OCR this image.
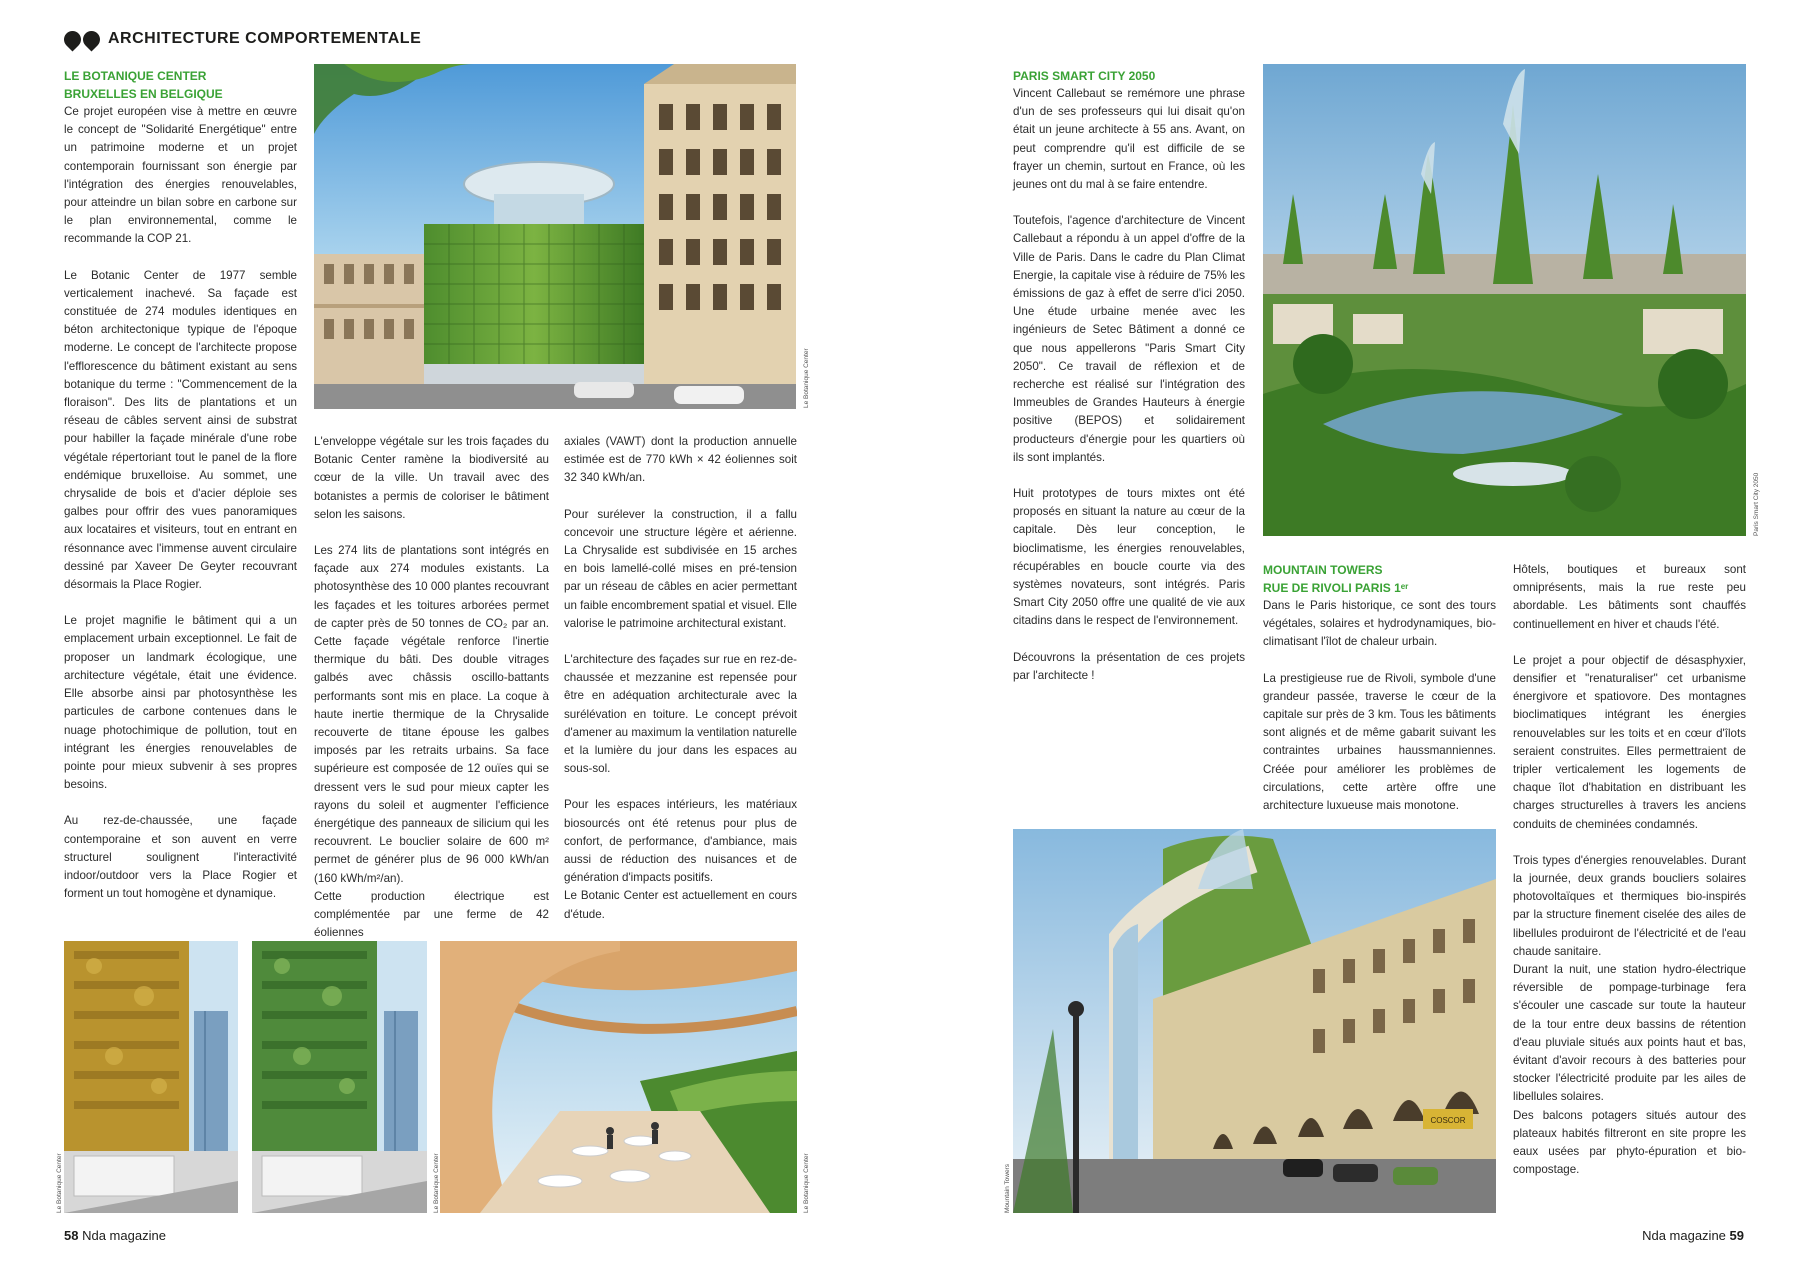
ARCHITECTURE COMPORTEMENTALE
LE BOTANIQUE CENTER
BRUXELLES EN BELGIQUE

Ce projet européen vise à mettre en œuvre le concept de "Solidarité Energétique" entre un patrimoine moderne et un projet contemporain fournissant son énergie par l'intégration des énergies renouvelables, pour atteindre un bilan sobre en carbone sur le plan environnemental, comme le recommande la COP 21.

Le Botanic Center de 1977 semble verticalement inachevé. Sa façade est constituée de 274 modules identiques en béton architectonique typique de l'époque moderne. Le concept de l'architecte propose l'efflorescence du bâtiment existant au sens botanique du terme : "Commencement de la floraison". Des lits de plantations et un réseau de câbles servent ainsi de substrat pour habiller la façade minérale d'une robe végétale répertoriant tout le panel de la flore endémique bruxelloise. Au sommet, une chrysalide de bois et d'acier déploie ses galbes pour offrir des vues panoramiques aux locataires et visiteurs, tout en entrant en résonnance avec l'immense auvent circulaire dessiné par Xaveer De Geyter recouvrant désormais la Place Rogier.

Le projet magnifie le bâtiment qui a un emplacement urbain exceptionnel. Le fait de proposer un landmark écologique, une architecture végétale, était une évidence. Elle absorbe ainsi par photosynthèse les particules de carbone contenues dans le nuage photochimique de pollution, tout en intégrant les énergies renouvelables de pointe pour mieux subvenir à ses propres besoins.

Au rez-de-chaussée, une façade contemporaine et son auvent en verre structurel soulignent l'interactivité indoor/outdoor vers la Place Rogier et forment un tout homogène et dynamique.

Le Botanique Center

L'enveloppe végétale sur les trois façades du Botanic Center ramène la biodiversité au cœur de la ville. Un travail avec des botanistes a permis de coloriser le bâtiment selon les saisons.

Les 274 lits de plantations sont intégrés en façade aux 274 modules existants. La photosynthèse des 10 000 plantes recouvrant les façades et les toitures arborées permet de capter près de 50 tonnes de CO₂ par an. Cette façade végétale renforce l'inertie thermique du bâti. Des double vitrages galbés avec châssis oscillo-battants performants sont mis en place. La coque à haute inertie thermique de la Chrysalide recouverte de titane épouse les galbes imposés par les retraits urbains. Sa face supérieure est composée de 12 ouïes qui se dressent vers le sud pour mieux capter les rayons du soleil et augmenter l'efficience énergétique des panneaux de silicium qui les recouvrent. Le bouclier solaire de 600 m² permet de générer plus de 96 000 kWh/an (160 kWh/m²/an).

Cette production électrique est complémentée par une ferme de 42 éoliennes

axiales (VAWT) dont la production annuelle estimée est de 770 kWh × 42 éoliennes soit 32 340 kWh/an.

Pour surélever la construction, il a fallu concevoir une structure légère et aérienne. La Chrysalide est subdivisée en 15 arches en bois lamellé-collé mises en pré-tension par un réseau de câbles en acier permettant un faible encombrement spatial et visuel. Elle valorise le patrimoine architectural existant.

L'architecture des façades sur rue en rez-de-chaussée et mezzanine est repensée pour être en adéquation architecturale avec la surélévation en toiture. Le concept prévoit d'amener au maximum la ventilation naturelle et la lumière du jour dans les espaces au sous-sol.

Pour les espaces intérieurs, les matériaux biosourcés ont été retenus pour plus de confort, de performance, d'ambiance, mais aussi de réduction des nuisances et de génération d'impacts positifs.

Le Botanic Center est actuellement en cours d'étude.

Le Botanique Center	Le Botanique Center	Le Botanique Center
58 Nda magazine
PARIS SMART CITY 2050

Vincent Callebaut se remémore une phrase d'un de ses professeurs qui lui disait qu'on était un jeune architecte à 55 ans. Avant, on peut comprendre qu'il est difficile de se frayer un chemin, surtout en France, où les jeunes ont du mal à se faire entendre.

Toutefois, l'agence d'architecture de Vincent Callebaut a répondu à un appel d'offre de la Ville de Paris. Dans le cadre du Plan Climat Energie, la capitale vise à réduire de 75% les émissions de gaz à effet de serre d'ici 2050. Une étude urbaine menée avec les ingénieurs de Setec Bâtiment a donné ce que nous appellerons "Paris Smart City 2050". Ce travail de réflexion et de recherche est réalisé sur l'intégration des Immeubles de Grandes Hauteurs à énergie positive (BEPOS) et solidairement producteurs d'énergie pour les quartiers où ils sont implantés.

Huit prototypes de tours mixtes ont été proposés en situant la nature au cœur de la capitale. Dès leur conception, le bioclimatisme, les énergies renouvelables, récupérables en boucle courte via des systèmes novateurs, sont intégrés. Paris Smart City 2050 offre une qualité de vie aux citadins dans le respect de l'environnement.

Découvrons la présentation de ces projets par l'architecte !

Paris Smart City 2050
MOUNTAIN TOWERS
RUE DE RIVOLI PARIS 1ᵉʳ

Dans le Paris historique, ce sont des tours végétales, solaires et hydrodynamiques, bio-climatisant l'îlot de chaleur urbain.

La prestigieuse rue de Rivoli, symbole d'une grandeur passée, traverse le cœur de la capitale sur près de 3 km. Tous les bâtiments sont alignés et de même gabarit suivant les contraintes urbaines haussmanniennes. Créée pour améliorer les problèmes de circulations, cette artère offre une architecture luxueuse mais monotone.

Hôtels, boutiques et bureaux sont omniprésents, mais la rue reste peu abordable. Les bâtiments sont chauffés continuellement en hiver et chauds l'été.

Le projet a pour objectif de désasphyxier, densifier et "renaturaliser" cet urbanisme énergivore et spatiovore. Des montagnes bioclimatiques intégrant les énergies renouvelables sur les toits et en cœur d'îlots seraient construites. Elles permettraient de tripler verticalement les logements de chaque îlot d'habitation en distribuant les charges structurelles à travers les anciens conduits de cheminées condamnés.

Trois types d'énergies renouvelables. Durant la journée, deux grands boucliers solaires photovoltaïques et thermiques bio-inspirés par la structure finement ciselée des ailes de libellules produiront de l'électricité et de l'eau chaude sanitaire.

Durant la nuit, une station hydro-électrique réversible de pompage-turbinage fera s'écouler une cascade sur toute la hauteur de la tour entre deux bassins de rétention d'eau pluviale situés aux points haut et bas, évitant d'avoir recours à des batteries pour stocker l'électricité produite par les ailes de libellules solaires.

Des balcons potagers situés autour des plateaux habités filtreront en site propre les eaux usées par phyto-épuration et bio-compostage.

COSCOR
Mountain Towers
Nda magazine 59
